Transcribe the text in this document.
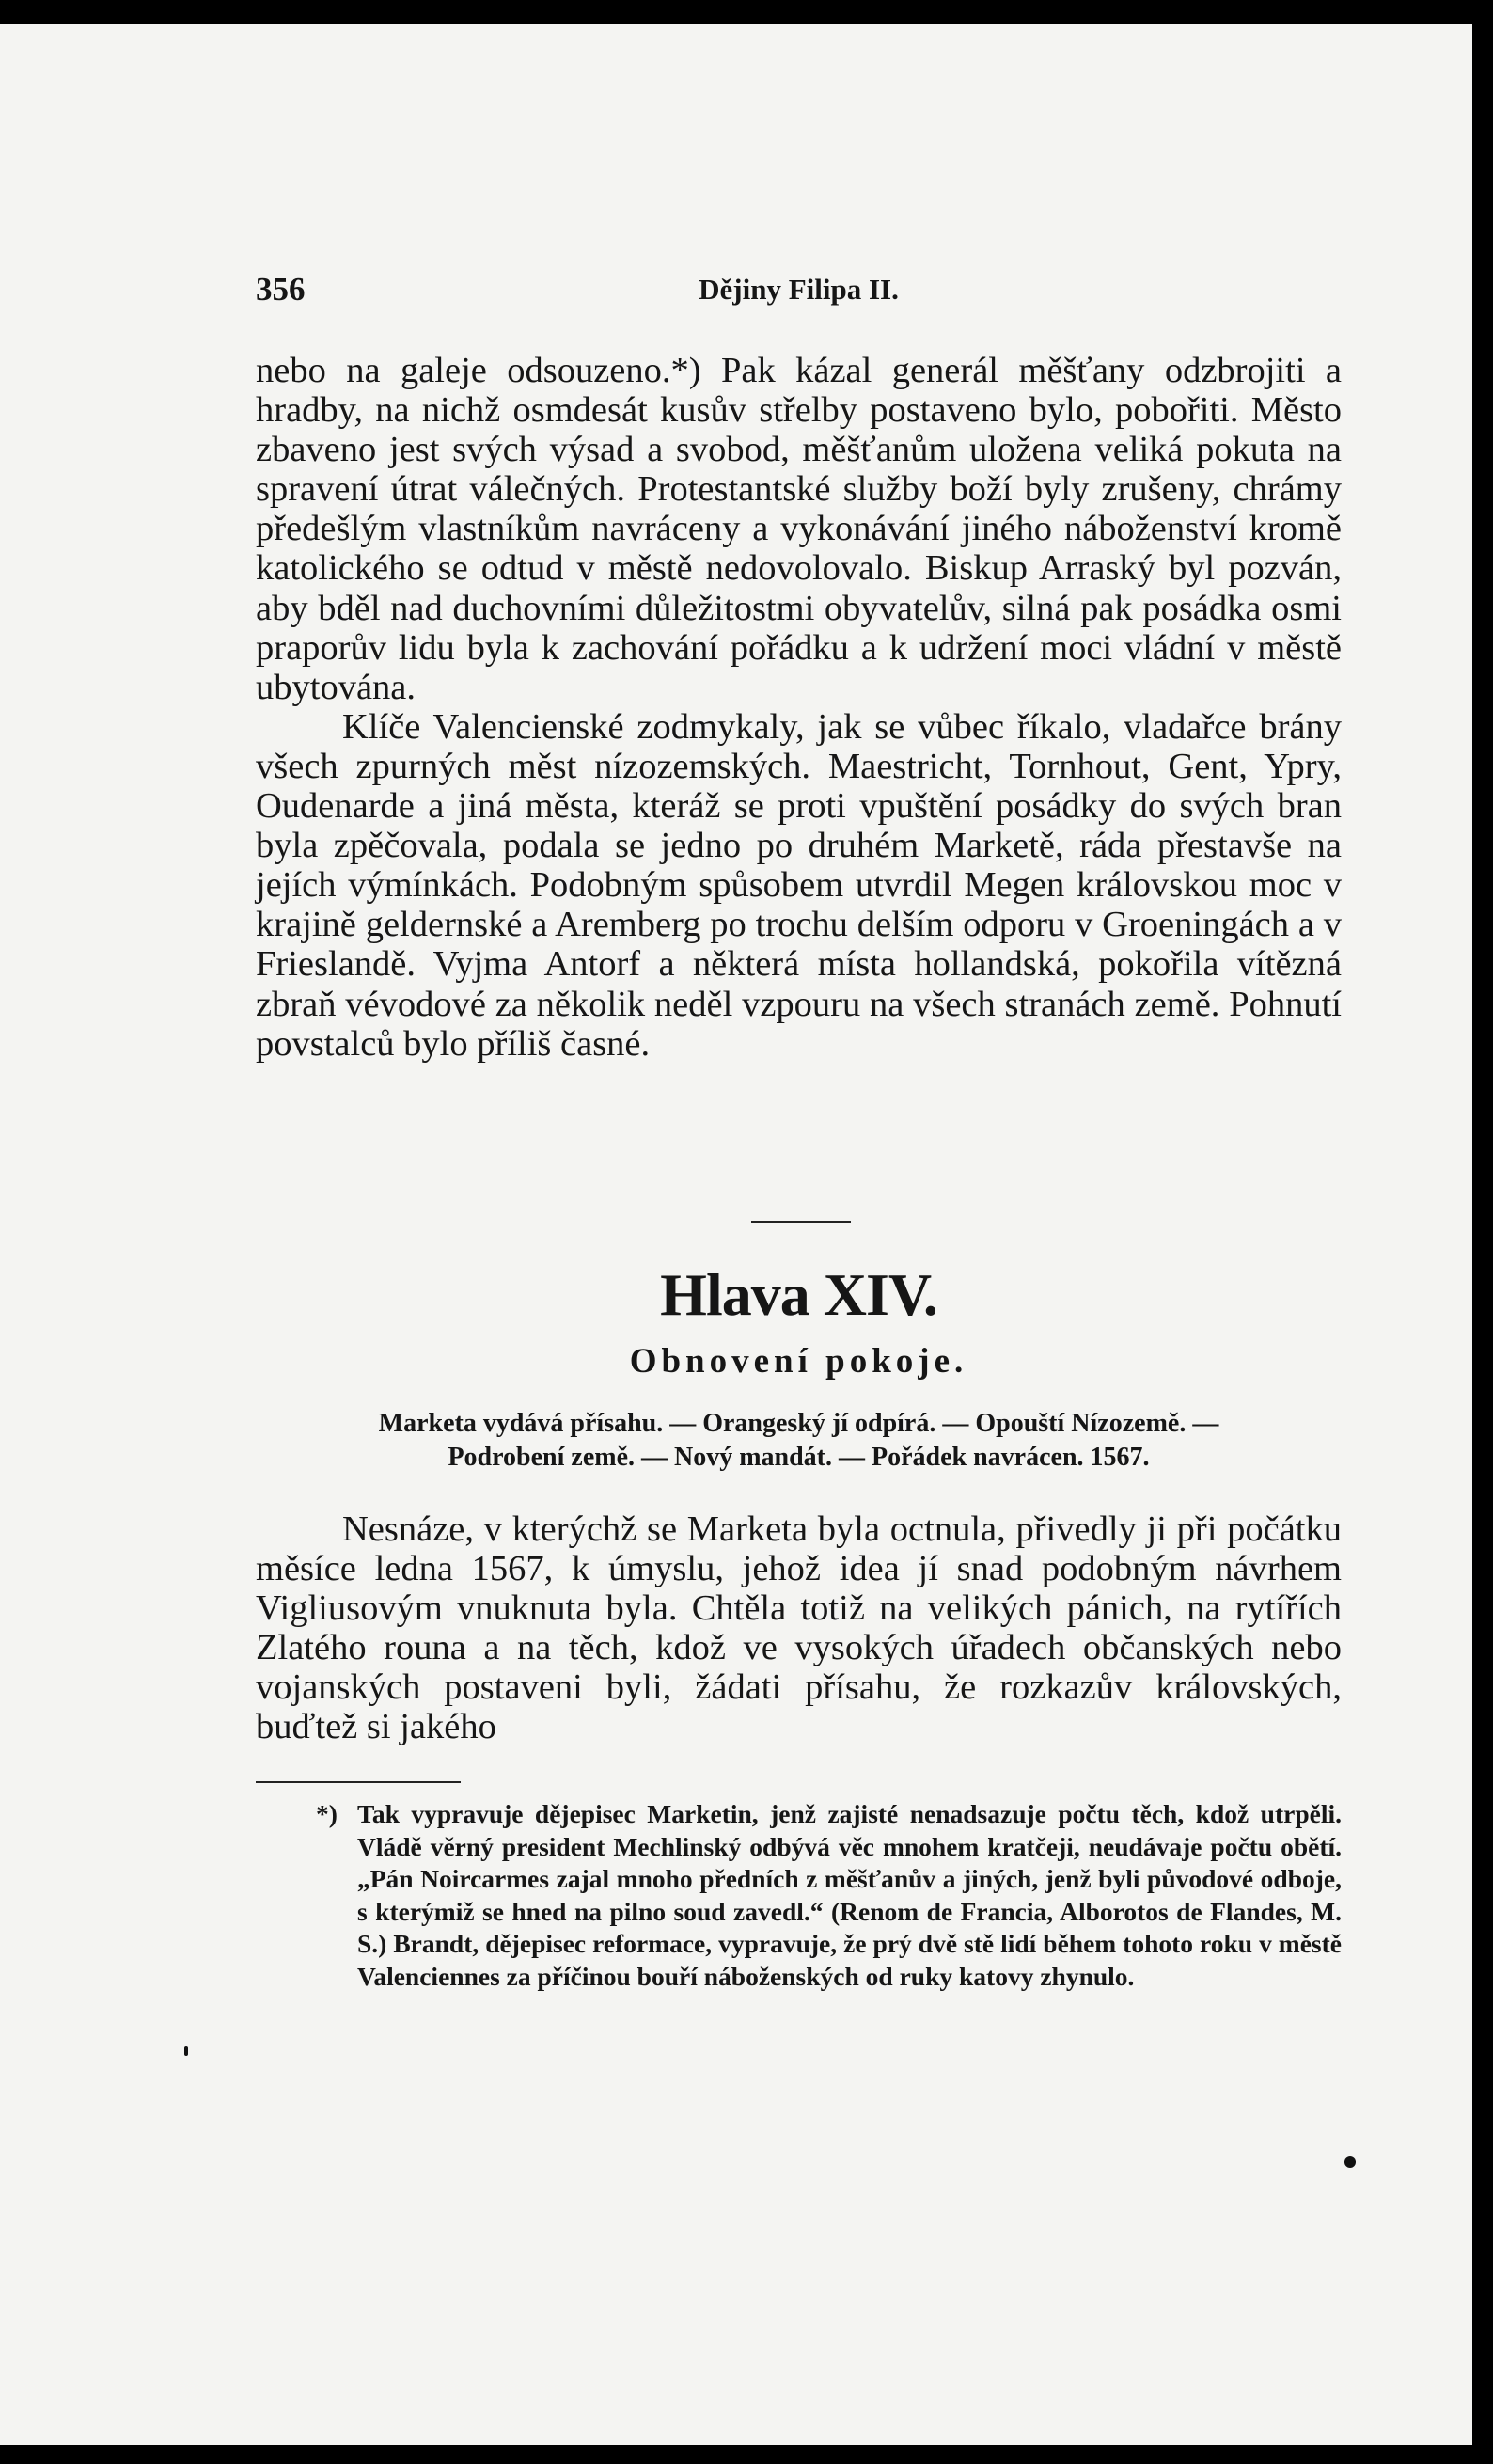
356	Dějiny Filipa II.

nebo na galeje odsouzeno.*) Pak kázal generál měšťany odzbrojiti a hradby, na nichž osmdesát kusův střelby postaveno bylo, pobořiti. Město zbaveno jest svých výsad a svobod, měšťanům uložena veliká pokuta na spravení útrat válečných. Protestantské služby boží byly zrušeny, chrámy předešlým vlastníkům navráceny a vykonávání jiného náboženství kromě katolického se odtud v městě nedovolovalo. Biskup Arraský byl pozván, aby bděl nad duchovními důležitostmi obyvatelův, silná pak posádka osmi praporův lidu byla k zachování pořádku a k udržení moci vládní v městě ubytována.

Klíče Valencienské zodmykaly, jak se vůbec říkalo, vladařce brány všech zpurných měst nízozemských. Maestricht, Tornhout, Gent, Ypry, Oudenarde a jiná města, kteráž se proti vpuštění posádky do svých bran byla zpěčovala, podala se jedno po druhém Marketě, ráda přestavše na jejích výmínkách. Podobným spůsobem utvrdil Megen královskou moc v krajině geldernské a Aremberg po trochu delším odporu v Groeningách a v Frieslandě. Vyjma Antorf a některá místa hollandská, pokořila vítězná zbraň vévodové za několik neděl vzpouru na všech stranách země. Pohnutí povstalců bylo příliš časné.

Hlava XIV.
Obnovení pokoje.
Marketa vydává přísahu. — Orangeský jí odpírá. — Opouští Nízozemě. —
Podrobení země. — Nový mandát. — Pořádek navrácen. 1567.

Nesnáze, v kterýchž se Marketa byla octnula, přivedly ji při počátku měsíce ledna 1567, k úmyslu, jehož idea jí snad podobným návrhem Vigliusovým vnuknuta byla. Chtěla totiž na velikých pánich, na rytířích Zlatého rouna a na těch, kdož ve vysokých úřadech občanských nebo vojanských postaveni byli, žádati přísahu, že rozkazův královských, buďtež si jakého

*) Tak vypravuje dějepisec Marketin, jenž zajisté nenadsazuje počtu těch, kdož utrpěli. Vládě věrný president Mechlinský odbývá věc mnohem kratčeji, neudávaje počtu obětí. „Pán Noircarmes zajal mnoho předních z měšťanův a jiných, jenž byli původové odboje, s kterýmiž se hned na pilno soud zavedl.“ (Renom de Francia, Alborotos de Flandes, M. S.) Brandt, dějepisec reformace, vypravuje, že prý dvě stě lidí během tohoto roku v městě Valenciennes za příčinou bouří náboženských od ruky katovy zhynulo.
